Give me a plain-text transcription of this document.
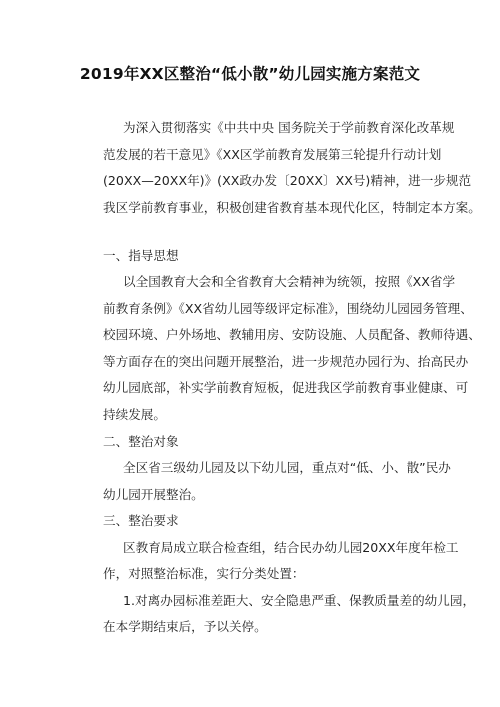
2019年XX区整治“低小散”幼儿园实施方案范文
为深入贯彻落实《中共中央 国务院关于学前教育深化改革规
范发展的若干意见》《XX区学前教育发展第三轮提升行动计划
(20XX—20XX年)》(XX政办发〔20XX〕XX号)精神，进一步规范
我区学前教育事业，积极创建省教育基本现代化区，特制定本方案。
一、指导思想
以全国教育大会和全省教育大会精神为统领，按照《XX省学
前教育条例》《XX省幼儿园等级评定标准》，围绕幼儿园园务管理、
校园环境、户外场地、教辅用房、安防设施、人员配备、教师待遇、
等方面存在的突出问题开展整治，进一步规范办园行为、抬高民办
幼儿园底部，补实学前教育短板，促进我区学前教育事业健康、可
持续发展。
二、整治对象
全区省三级幼儿园及以下幼儿园，重点对“低、小、散”民办
幼儿园开展整治。
三、整治要求
区教育局成立联合检查组，结合民办幼儿园20XX年度年检工
作，对照整治标准，实行分类处置：
1.对离办园标准差距大、安全隐患严重、保教质量差的幼儿园，
在本学期结束后，予以关停。
